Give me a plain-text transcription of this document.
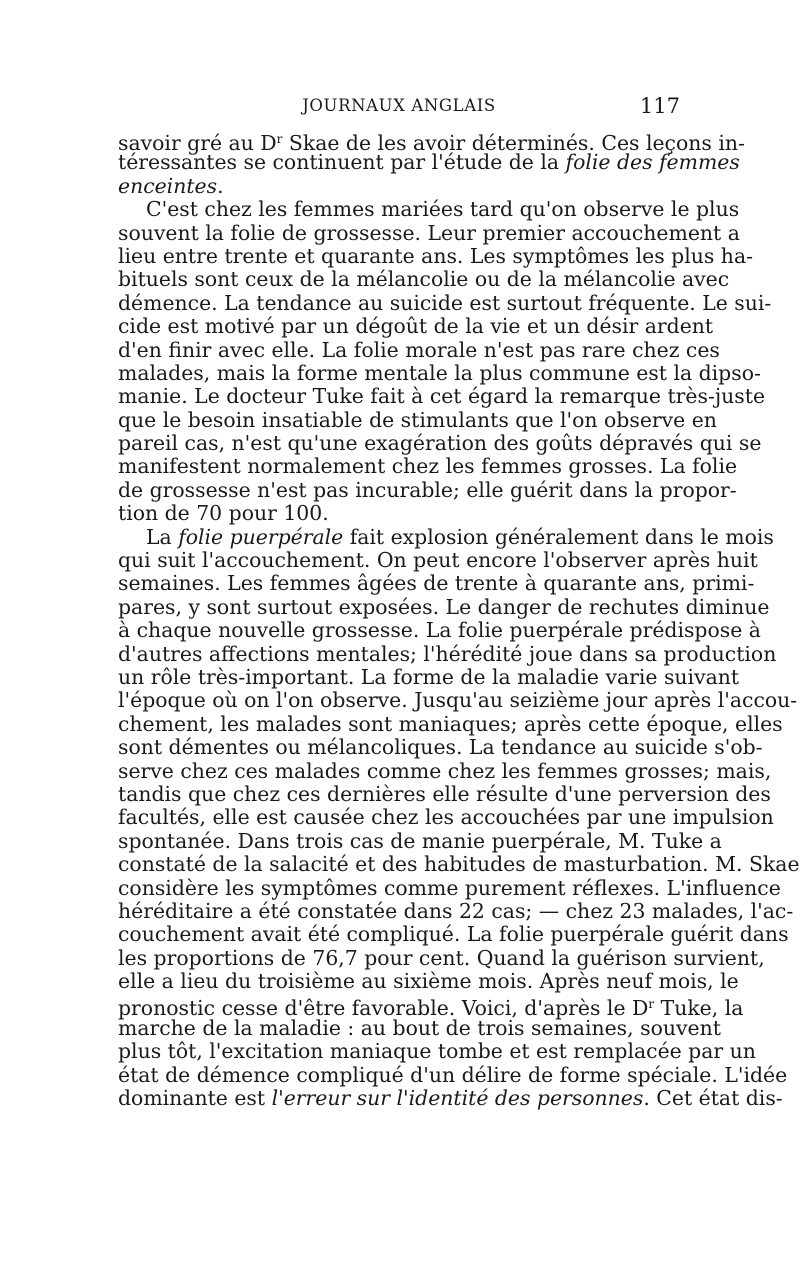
JOURNAUX ANGLAIS	117
savoir gré au $D^r$ Skae de les avoir déterminés. Ces leçons in-
téressantes se continuent par l'étude de la folie des femmes
enceintes.
C'est chez les femmes mariées tard qu'on observe le plus
souvent la folie de grossesse. Leur premier accouchement a
lieu entre trente et quarante ans. Les symptômes les plus ha-
bituels sont ceux de la mélancolie ou de la mélancolie avec
démence. La tendance au suicide est surtout fréquente. Le sui-
cide est motivé par un dégoût de la vie et un désir ardent
d'en finir avec elle. La folie morale n'est pas rare chez ces
malades, mais la forme mentale la plus commune est la dipso-
manie. Le docteur Tuke fait à cet égard la remarque très-juste
que le besoin insatiable de stimulants que l'on observe en
pareil cas, n'est qu'une exagération des goûts dépravés qui se
manifestent normalement chez les femmes grosses. La folie
de grossesse n'est pas incurable; elle guérit dans la propor-
tion de 70 pour 100.
La folie puerpérale fait explosion généralement dans le mois
qui suit l'accouchement. On peut encore l'observer après huit
semaines. Les femmes âgées de trente à quarante ans, primi-
pares, y sont surtout exposées. Le danger de rechutes diminue
à chaque nouvelle grossesse. La folie puerpérale prédispose à
d'autres affections mentales; l'hérédité joue dans sa production
un rôle très-important. La forme de la maladie varie suivant
l'époque où on l'on observe. Jusqu'au seizième jour après l'accou-
chement, les malades sont maniaques; après cette époque, elles
sont démentes ou mélancoliques. La tendance au suicide s'ob-
serve chez ces malades comme chez les femmes grosses; mais,
tandis que chez ces dernières elle résulte d'une perversion des
facultés, elle est causée chez les accouchées par une impulsion
spontanée. Dans trois cas de manie puerpérale, M. Tuke a
constaté de la salacité et des habitudes de masturbation. M. Skae
considère les symptômes comme purement réflexes. L'influence
héréditaire a été constatée dans 22 cas; — chez 23 malades, l'ac-
couchement avait été compliqué. La folie puerpérale guérit dans
les proportions de 76,7 pour cent. Quand la guérison survient,
elle a lieu du troisième au sixième mois. Après neuf mois, le
pronostic cesse d'être favorable. Voici, d'après le $D^r$ Tuke, la
marche de la maladie : au bout de trois semaines, souvent
plus tôt, l'excitation maniaque tombe et est remplacée par un
état de démence compliqué d'un délire de forme spéciale. L'idée
dominante est l'erreur sur l'identité des personnes. Cet état dis-
